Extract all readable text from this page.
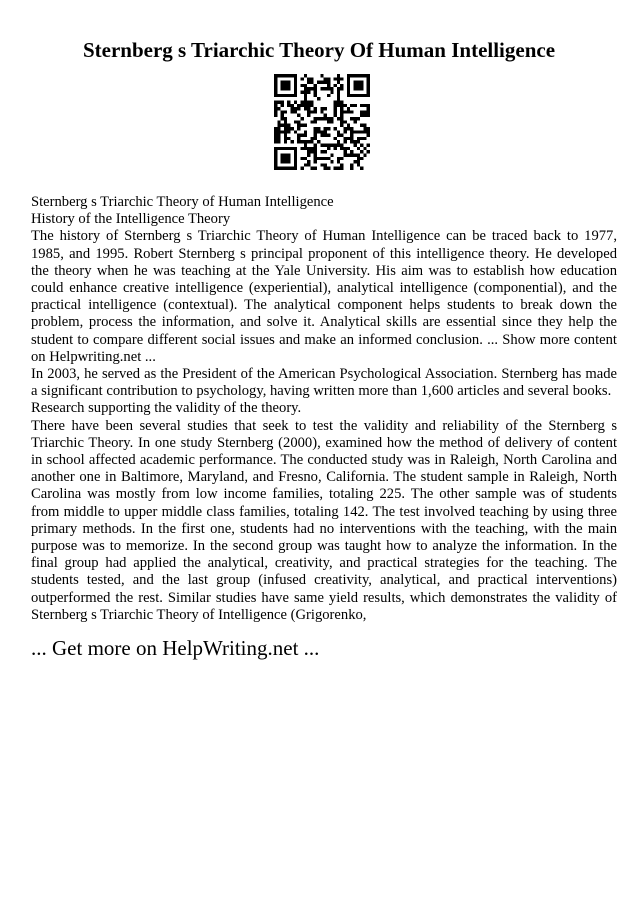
Sternberg s Triarchic Theory Of Human Intelligence

Sternberg s Triarchic Theory of Human Intelligence

History of the Intelligence Theory

The history of Sternberg s Triarchic Theory of Human Intelligence can be traced back to 1977, 1985, and 1995. Robert Sternberg s principal proponent of this intelligence theory. He developed the theory when he was teaching at the Yale University. His aim was to establish how education could enhance creative intelligence (experiential), analytical intelligence (componential), and the practical intelligence (contextual). The analytical component helps students to break down the problem, process the information, and solve it. Analytical skills are essential since they help the student to compare different social issues and make an informed conclusion. ... Show more content on Helpwriting.net ...

In 2003, he served as the President of the American Psychological Association. Sternberg has made a significant contribution to psychology, having written more than 1,600 articles and several books.

Research supporting the validity of the theory.

There have been several studies that seek to test the validity and reliability of the Sternberg s Triarchic Theory. In one study Sternberg (2000), examined how the method of delivery of content in school affected academic performance. The conducted study was in Raleigh, North Carolina and another one in Baltimore, Maryland, and Fresno, California. The student sample in Raleigh, North Carolina was mostly from low income families, totaling 225. The other sample was of students from middle to upper middle class families, totaling 142. The test involved teaching by using three primary methods. In the first one, students had no interventions with the teaching, with the main purpose was to memorize. In the second group was taught how to analyze the information. In the final group had applied the analytical, creativity, and practical strategies for the teaching. The students tested, and the last group (infused creativity, analytical, and practical interventions) outperformed the rest. Similar studies have same yield results, which demonstrates the validity of Sternberg s Triarchic Theory of Intelligence (Grigorenko,

... Get more on HelpWriting.net ...
